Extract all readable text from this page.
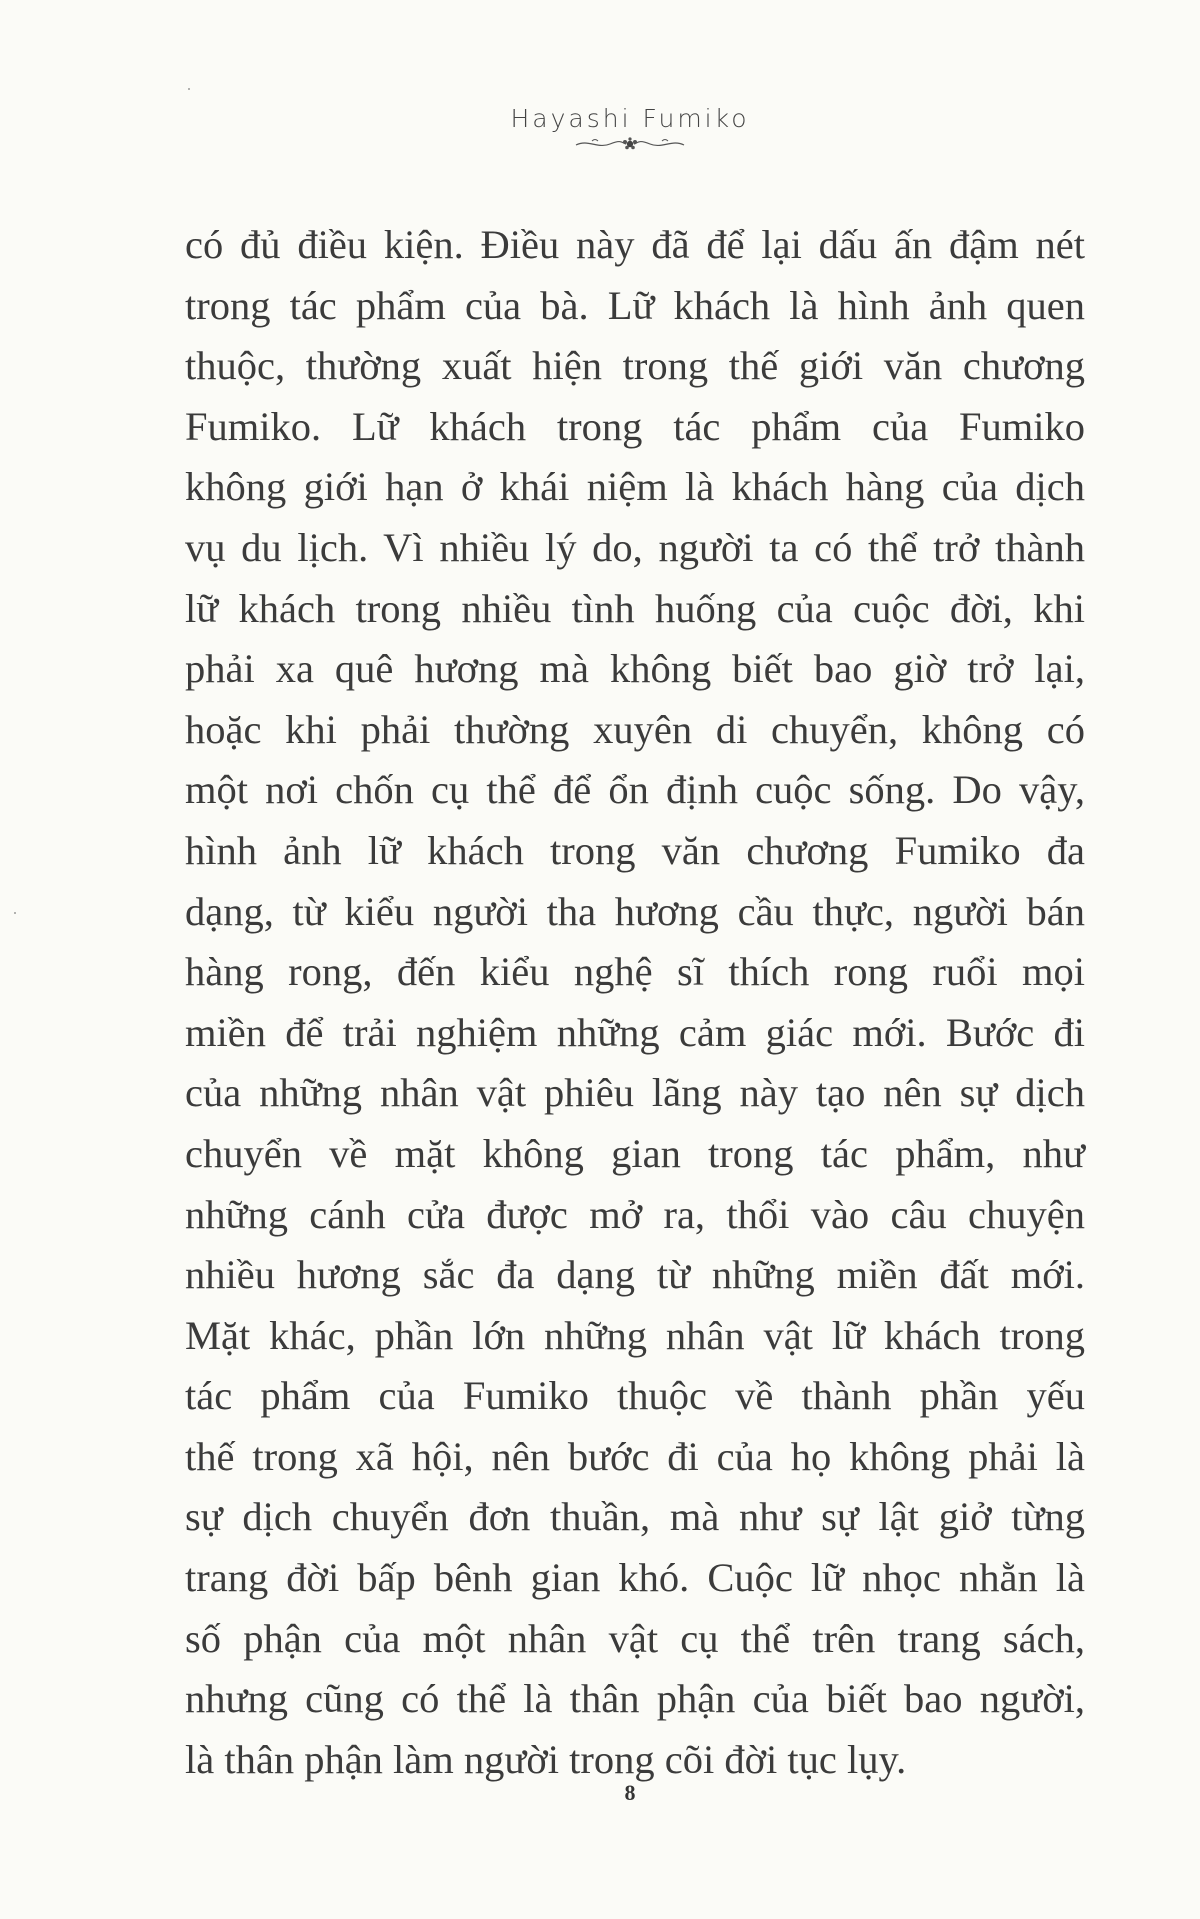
Hayashi Fumiko
có đủ điều kiện. Điều này đã để lại dấu ấn đậm nét
trong tác phẩm của bà. Lữ khách là hình ảnh quen
thuộc, thường xuất hiện trong thế giới văn chương
Fumiko. Lữ khách trong tác phẩm của Fumiko
không giới hạn ở khái niệm là khách hàng của dịch
vụ du lịch. Vì nhiều lý do, người ta có thể trở thành
lữ khách trong nhiều tình huống của cuộc đời, khi
phải xa quê hương mà không biết bao giờ trở lại,
hoặc khi phải thường xuyên di chuyển, không có
một nơi chốn cụ thể để ổn định cuộc sống. Do vậy,
hình ảnh lữ khách trong văn chương Fumiko đa
dạng, từ kiểu người tha hương cầu thực, người bán
hàng rong, đến kiểu nghệ sĩ thích rong ruổi mọi
miền để trải nghiệm những cảm giác mới. Bước đi
của những nhân vật phiêu lãng này tạo nên sự dịch
chuyển về mặt không gian trong tác phẩm, như
những cánh cửa được mở ra, thổi vào câu chuyện
nhiều hương sắc đa dạng từ những miền đất mới.
Mặt khác, phần lớn những nhân vật lữ khách trong
tác phẩm của Fumiko thuộc về thành phần yếu
thế trong xã hội, nên bước đi của họ không phải là
sự dịch chuyển đơn thuần, mà như sự lật giở từng
trang đời bấp bênh gian khó. Cuộc lữ nhọc nhằn là
số phận của một nhân vật cụ thể trên trang sách,
nhưng cũng có thể là thân phận của biết bao người,
là thân phận làm người trong cõi đời tục lụy.
8
